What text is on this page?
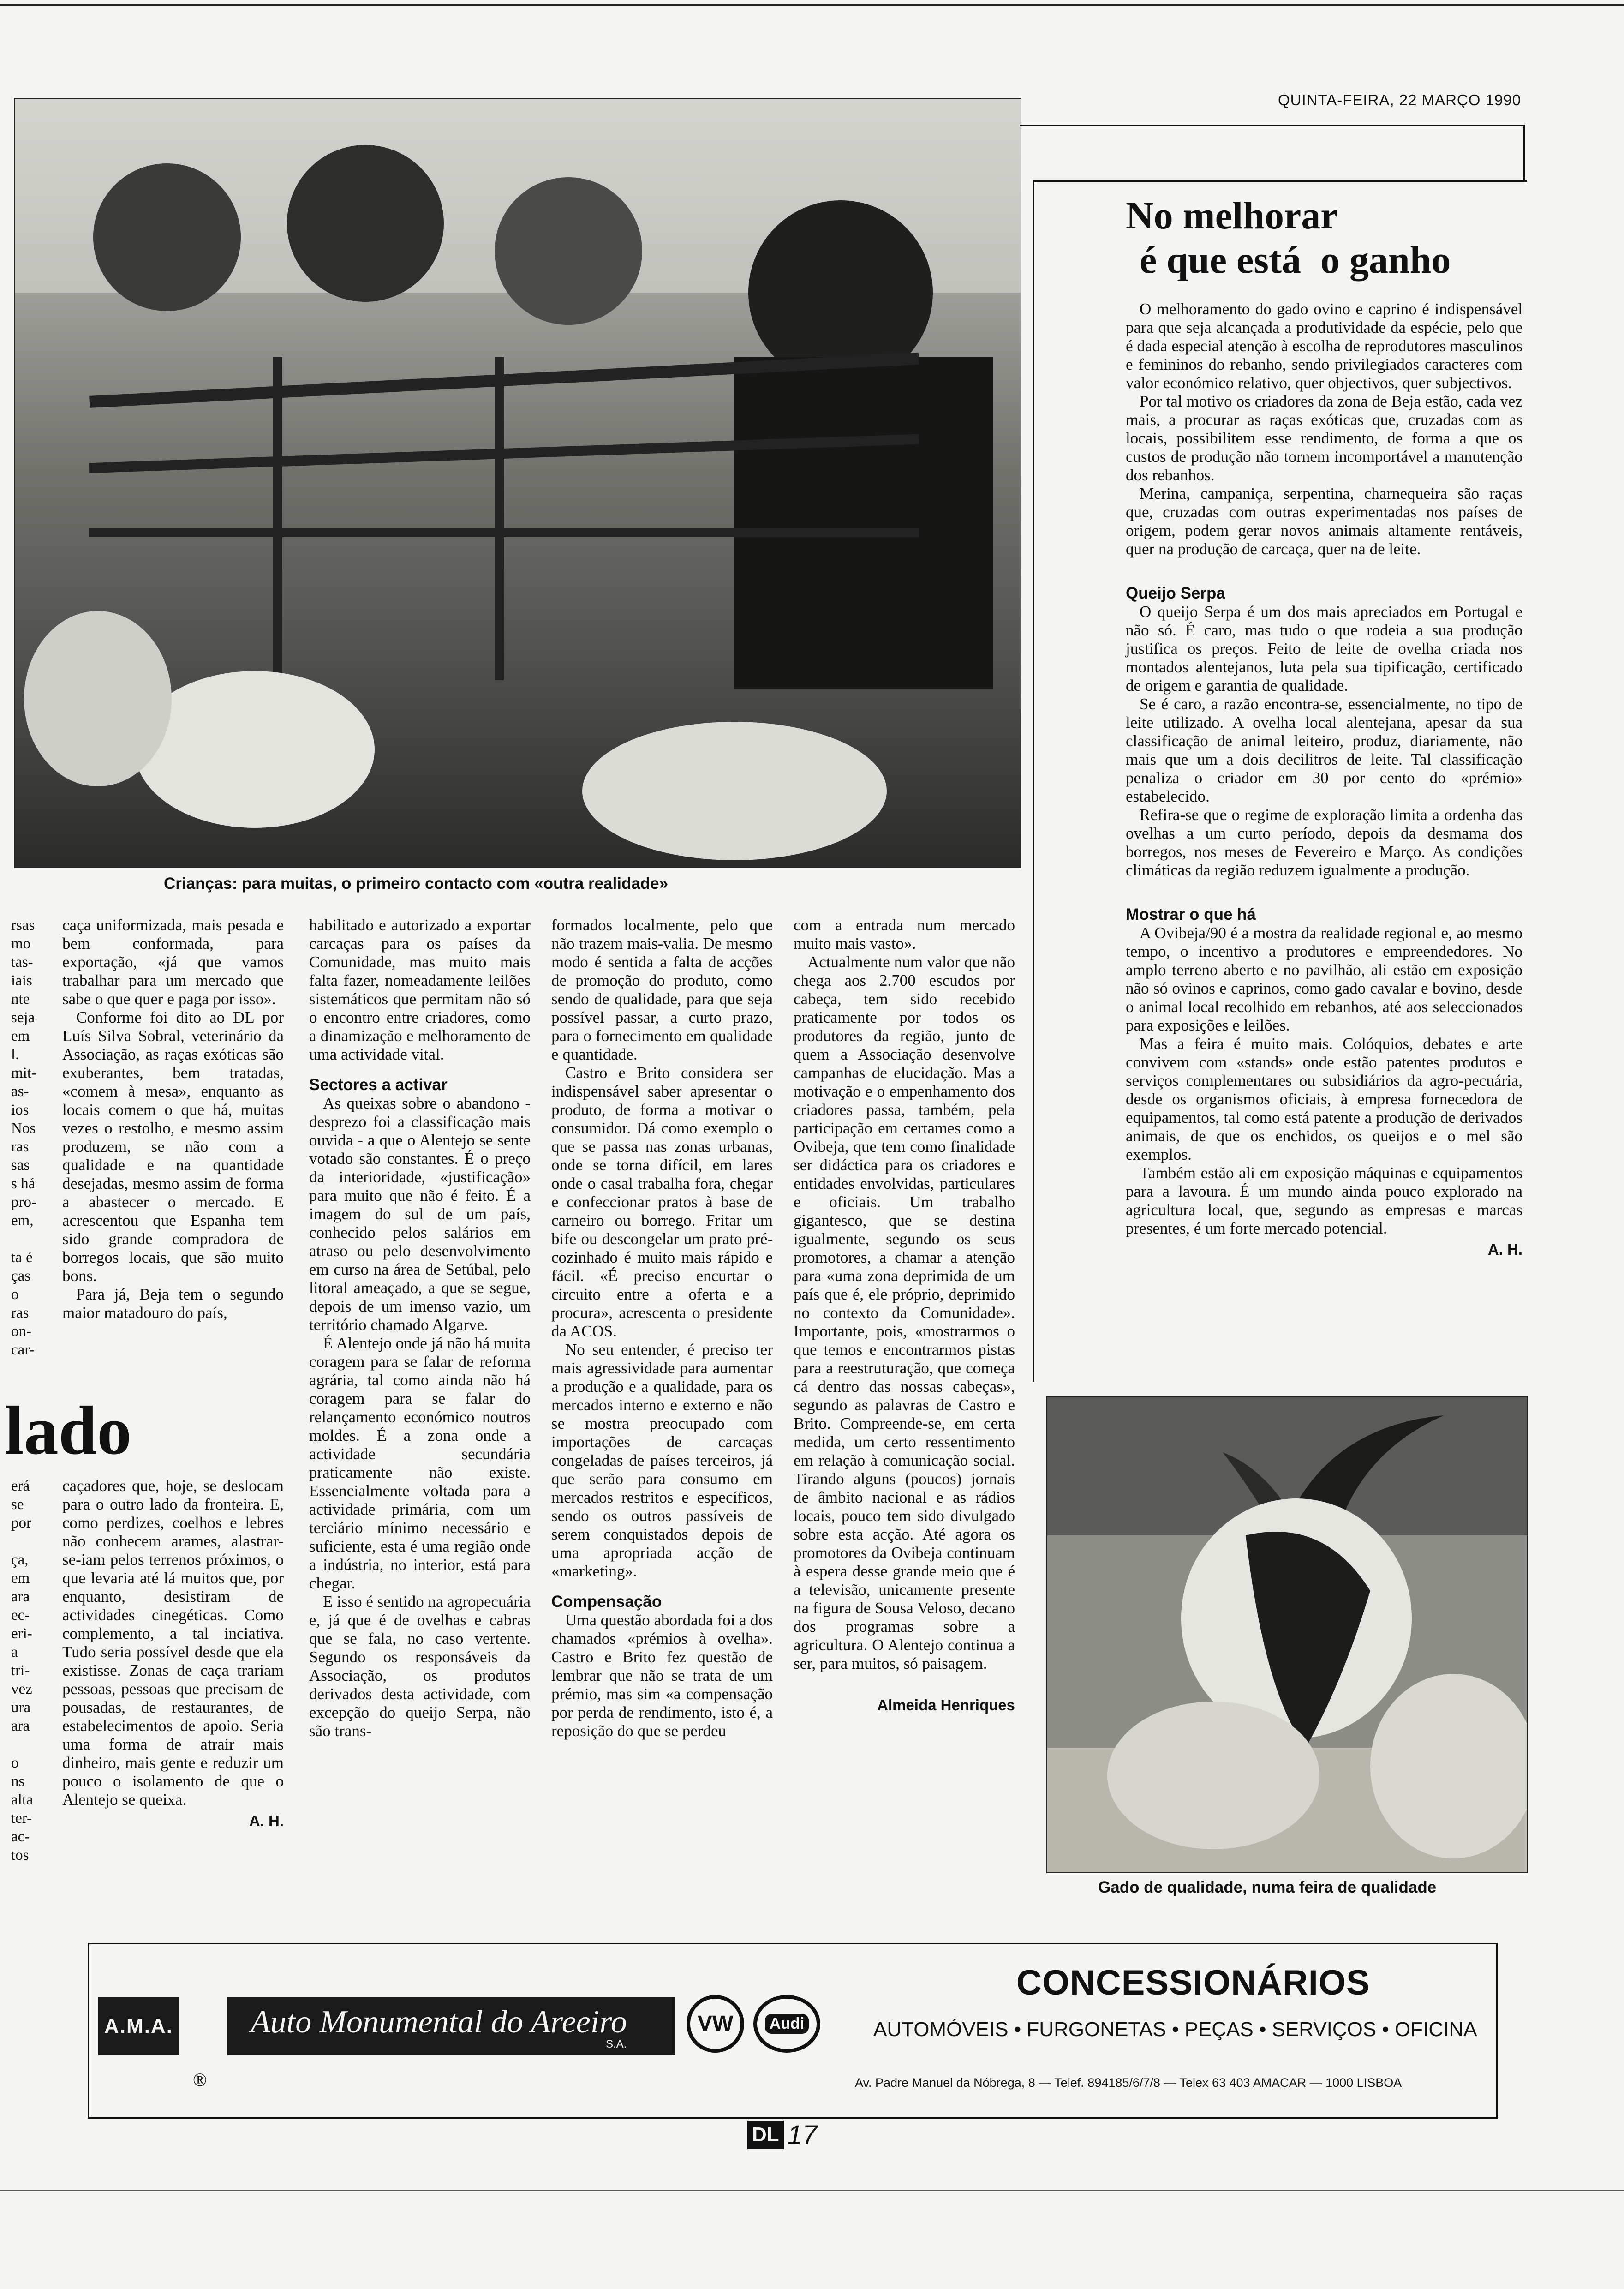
QUINTA-FEIRA, 22 MARÇO 1990
Crianças: para muitas, o primeiro contacto com «outra realidade»
rsas
mo
tas-
iais
nte
seja
em
l.
mit-
as-
ios
Nos
ras
sas
s há
pro-
em,

ta é
ças
o
ras
on-
car-
lado
erá
se
por

ça,
em
ara
ec-
eri-
a
tri-
vez
ura
ara

o
ns
alta
ter-
ac-
tos

caça uniformizada, mais pesada e bem conformada, para exportação, «já que vamos trabalhar para um mercado que sabe o que quer e paga por isso».

Conforme foi dito ao DL por Luís Silva Sobral, veterinário da Associação, as raças exóticas são exuberantes, bem tratadas, «comem à mesa», enquanto as locais comem o que há, muitas vezes o restolho, e mesmo assim produzem, se não com a qualidade e na quantidade desejadas, mesmo assim de forma a abastecer o mercado. E acrescentou que Espanha tem sido grande compradora de borregos locais, que são muito bons.

Para já, Beja tem o segundo maior matadouro do país,

caçadores que, hoje, se deslocam para o outro lado da fronteira. E, como perdizes, coelhos e lebres não conhecem arames, alastrar-se-iam pelos terrenos próximos, o que levaria até lá muitos que, por enquanto, desistiram de actividades cinegéticas. Como complemento, a tal inciativa. Tudo seria possível desde que ela existisse. Zonas de caça trariam pessoas, pessoas que precisam de pousadas, de restaurantes, de estabelecimentos de apoio. Seria uma forma de atrair mais dinheiro, mais gente e reduzir um pouco o isolamento de que o Alentejo se queixa.

A. H.

habilitado e autorizado a exportar carcaças para os países da Comunidade, mas muito mais falta fazer, nomeadamente leilões sistemáticos que permitam não só o encontro entre criadores, como a dinamização e melhoramento de uma actividade vital.

Sectores a activar

As queixas sobre o abandono - desprezo foi a classificação mais ouvida - a que o Alentejo se sente votado são constantes. É o preço da interioridade, «justificação» para muito que não é feito. É a imagem do sul de um país, conhecido pelos salários em atraso ou pelo desenvolvimento em curso na área de Setúbal, pelo litoral ameaçado, a que se segue, depois de um imenso vazio, um território chamado Algarve.

É Alentejo onde já não há muita coragem para se falar de reforma agrária, tal como ainda não há coragem para se falar do relançamento económico noutros moldes. É a zona onde a actividade secundária praticamente não existe. Essencialmente voltada para a actividade primária, com um terciário mínimo necessário e suficiente, esta é uma região onde a indústria, no interior, está para chegar.

E isso é sentido na agropecuária e, já que é de ovelhas e cabras que se fala, no caso vertente. Segundo os responsáveis da Associação, os produtos derivados desta actividade, com excepção do queijo Serpa, não são trans-

formados localmente, pelo que não trazem mais-valia. De mesmo modo é sentida a falta de acções de promoção do produto, como sendo de qualidade, para que seja possível passar, a curto prazo, para o fornecimento em qualidade e quantidade.

Castro e Brito considera ser indispensável saber apresentar o produto, de forma a motivar o consumidor. Dá como exemplo o que se passa nas zonas urbanas, onde se torna difícil, em lares onde o casal trabalha fora, chegar e confeccionar pratos à base de carneiro ou borrego. Fritar um bife ou descongelar um prato pré-cozinhado é muito mais rápido e fácil. «É preciso encurtar o circuito entre a oferta e a procura», acrescenta o presidente da ACOS.

No seu entender, é preciso ter mais agressividade para aumentar a produção e a qualidade, para os mercados interno e externo e não se mostra preocupado com importações de carcaças congeladas de países terceiros, já que serão para consumo em mercados restritos e específicos, sendo os outros passíveis de serem conquistados depois de uma apropriada acção de «marketing».

Compensação

Uma questão abordada foi a dos chamados «prémios à ovelha». Castro e Brito fez questão de lembrar que não se trata de um prémio, mas sim «a compensação por perda de rendimento, isto é, a reposição do que se perdeu

com a entrada num mercado muito mais vasto».

Actualmente num valor que não chega aos 2.700 escudos por cabeça, tem sido recebido praticamente por todos os produtores da região, junto de quem a Associação desenvolve campanhas de elucidação. Mas a motivação e o empenhamento dos criadores passa, também, pela participação em certames como a Ovibeja, que tem como finalidade ser didáctica para os criadores e entidades envolvidas, particulares e oficiais. Um trabalho gigantesco, que se destina igualmente, segundo os seus promotores, a chamar a atenção para «uma zona deprimida de um país que é, ele próprio, deprimido no contexto da Comunidade». Importante, pois, «mostrarmos o que temos e encontrarmos pistas para a reestruturação, que começa cá dentro das nossas cabeças», segundo as palavras de Castro e Brito. Compreende-se, em certa medida, um certo ressentimento em relação à comunicação social. Tirando alguns (poucos) jornais de âmbito nacional e as rádios locais, pouco tem sido divulgado sobre esta acção. Até agora os promotores da Ovibeja continuam à espera desse grande meio que é a televisão, unicamente presente na figura de Sousa Veloso, decano dos programas sobre a agricultura. O Alentejo continua a ser, para muitos, só paisagem.

Almeida Henriques
No melhorar
é que está  o ganho

O melhoramento do gado ovino e caprino é indispensável para que seja alcançada a produtividade da espécie, pelo que é dada especial atenção à escolha de reprodutores masculinos e femininos do rebanho, sendo privilegiados caracteres com valor económico relativo, quer objectivos, quer subjectivos.

Por tal motivo os criadores da zona de Beja estão, cada vez mais, a procurar as raças exóticas que, cruzadas com as locais, possibilitem esse rendimento, de forma a que os custos de produção não tornem incomportável a manutenção dos rebanhos.

Merina, campaniça, serpentina, charnequeira são raças que, cruzadas com outras experimentadas nos países de origem, podem gerar novos animais altamente rentáveis, quer na produção de carcaça, quer na de leite.

Queijo Serpa

O queijo Serpa é um dos mais apreciados em Portugal e não só. É caro, mas tudo o que rodeia a sua produção justifica os preços. Feito de leite de ovelha criada nos montados alentejanos, luta pela sua tipificação, certificado de origem e garantia de qualidade.

Se é caro, a razão encontra-se, essencialmente, no tipo de leite utilizado. A ovelha local alentejana, apesar da sua classificação de animal leiteiro, produz, diariamente, não mais que um a dois decilitros de leite. Tal classificação penaliza o criador em 30 por cento do «prémio» estabelecido.

Refira-se que o regime de exploração limita a ordenha das ovelhas a um curto período, depois da desmama dos borregos, nos meses de Fevereiro e Março. As condições climáticas da região reduzem igualmente a produção.

Mostrar o que há

A Ovibeja/90 é a mostra da realidade regional e, ao mesmo tempo, o incentivo a produtores e empreendedores. No amplo terreno aberto e no pavilhão, ali estão em exposição não só ovinos e caprinos, como gado cavalar e bovino, desde o animal local recolhido em rebanhos, até aos seleccionados para exposições e leilões.

Mas a feira é muito mais. Colóquios, debates e arte convivem com «stands» onde estão patentes produtos e serviços complementares ou subsidiários da agro-pecuária, desde os organismos oficiais, à empresa fornecedora de equipamentos, tal como está patente a produção de derivados animais, de que os enchidos, os queijos e o mel são exemplos.

Também estão ali em exposição máquinas e equipamentos para a lavoura. É um mundo ainda pouco explorado na agricultura local, que, segundo as empresas e marcas presentes, é um forte mercado potencial.

A. H.
Gado de qualidade, numa feira de qualidade
A.M.A.
®
Auto Monumental do Areeiro
S.A.
VW Audi
CONCESSIONÁRIOS
AUTOMÓVEIS • FURGONETAS • PEÇAS • SERVIÇOS • OFICINA
Av. Padre Manuel da Nóbrega, 8 — Telef. 894185/6/7/8 — Telex 63 403 AMACAR — 1000 LISBOA
DL 17
